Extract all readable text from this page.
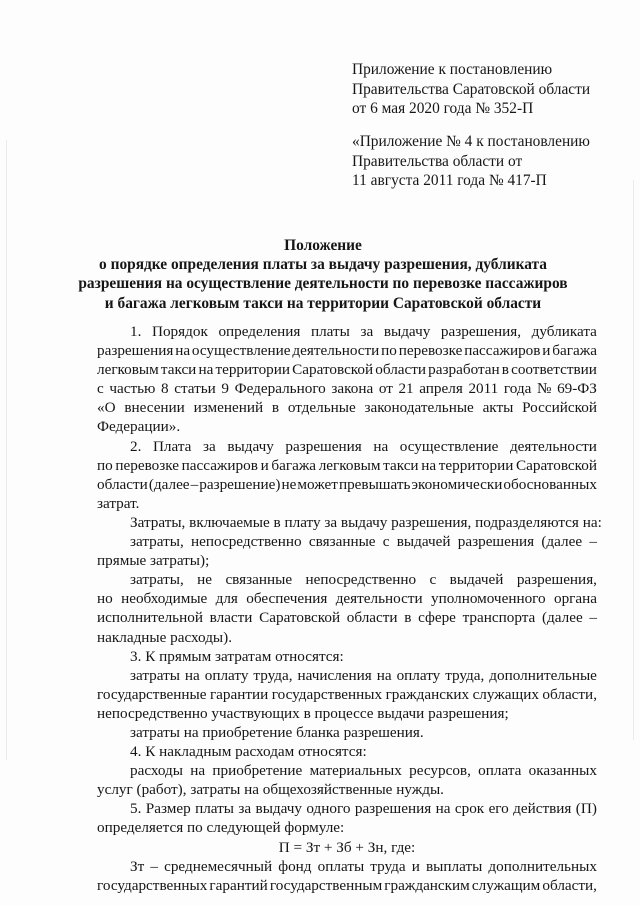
Приложение к постановлению
Правительства Саратовской области
от 6 мая 2020 года № 352-П
«Приложение № 4 к постановлению
Правительства области от
11 августа 2011 года № 417-П
Положение
о порядке определения платы за выдачу разрешения, дубликата
разрешения на осуществление деятельности по перевозке пассажиров
и багажа легковым такси на территории Саратовской области
1. Порядок определения платы за выдачу разрешения, дубликата
разрешения на осуществление деятельности по перевозке пассажиров и багажа
легковым такси на территории Саратовской области разработан в соответствии
с частью 8 статьи 9 Федерального закона от 21 апреля 2011 года № 69-ФЗ
«О внесении изменений в отдельные законодательные акты Российской
Федерации».
2. Плата за выдачу разрешения на осуществление деятельности
по перевозке пассажиров и багажа легковым такси на территории Саратовской
области (далее – разрешение) не может превышать экономически обоснованных
затрат.
Затраты, включаемые в плату за выдачу разрешения, подразделяются на:
затраты, непосредственно связанные с выдачей разрешения (далее –
прямые затраты);
затраты, не связанные непосредственно с выдачей разрешения,
но необходимые для обеспечения деятельности уполномоченного органа
исполнительной власти Саратовской области в сфере транспорта (далее –
накладные расходы).
3. К прямым затратам относятся:
затраты на оплату труда, начисления на оплату труда, дополнительные
государственные гарантии государственных гражданских служащих области,
непосредственно участвующих в процессе выдачи разрешения;
затраты на приобретение бланка разрешения.
4. К накладным расходам относятся:
расходы на приобретение материальных ресурсов, оплата оказанных
услуг (работ), затраты на общехозяйственные нужды.
5. Размер платы за выдачу одного разрешения на срок его действия (П)
определяется по следующей формуле:
П = Зт + Зб + Зн, где:
Зт – среднемесячный фонд оплаты труда и выплаты дополнительных
государственных гарантий государственным гражданским служащим области,
